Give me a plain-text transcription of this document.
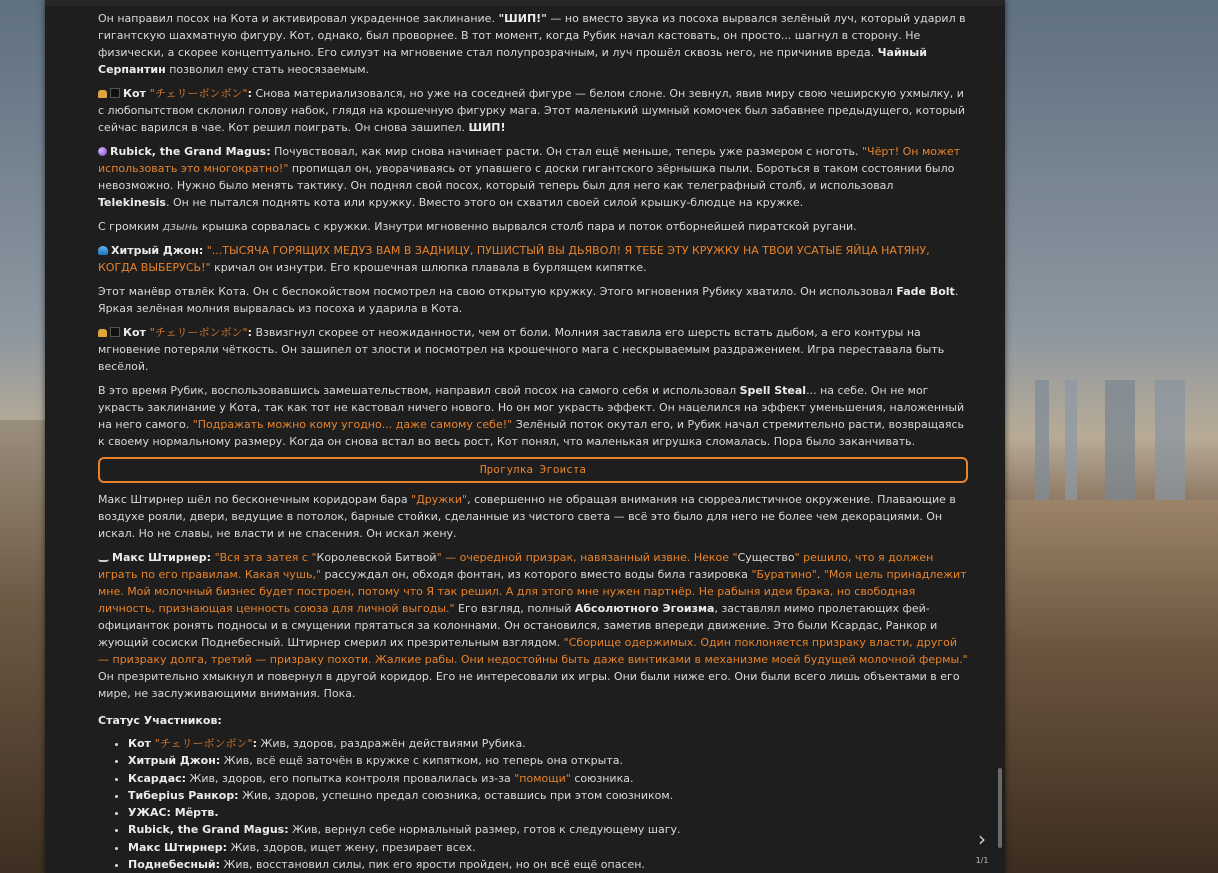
Он направил посох на Кота и активировал украденное заклинание. "ШИП!" — но вместо звука из посоха вырвался зелёный луч, который ударил в гигантскую шахматную фигуру. Кот, однако, был проворнее. В тот момент, когда Рубик начал кастовать, он просто... шагнул в сторону. Не физически, а скорее концептуально. Его силуэт на мгновение стал полупрозрачным, и луч прошёл сквозь него, не причинив вреда. Чайный Серпантин позволил ему стать неосязаемым.

Кот "チェリーボンボン": Снова материализовался, но уже на соседней фигуре — белом слоне. Он зевнул, явив миру свою чеширскую ухмылку, и с любопытством склонил голову набок, глядя на крошечную фигурку мага. Этот маленький шумный комочек был забавнее предыдущего, который сейчас варился в чае. Кот решил поиграть. Он снова зашипел. ШИП!

Rubick, the Grand Magus: Почувствовал, как мир снова начинает расти. Он стал ещё меньше, теперь уже размером с ноготь. "Чёрт! Он может использовать это многократно!" пропищал он, уворачиваясь от упавшего с доски гигантского зёрнышка пыли. Бороться в таком состоянии было невозможно. Нужно было менять тактику. Он поднял свой посох, который теперь был для него как телеграфный столб, и использовал Telekinesis. Он не пытался поднять кота или кружку. Вместо этого он схватил своей силой крышку-блюдце на кружке.

С громким дзынь крышка сорвалась с кружки. Изнутри мгновенно вырвался столб пара и поток отборнейшей пиратской ругани.

Хитрый Джон: "...ТЫСЯЧА ГОРЯЩИХ МЕДУЗ ВАМ В ЗАДНИЦУ, ПУШИСТЫЙ ВЫ ДЬЯВОЛ! Я ТЕБЕ ЭТУ КРУЖКУ НА ТВОИ УСАТЫЕ ЯЙЦА НАТЯНУ, КОГДА ВЫБЕРУСЬ!" кричал он изнутри. Его крошечная шлюпка плавала в бурлящем кипятке.

Этот манёвр отвлёк Кота. Он с беспокойством посмотрел на свою открытую кружку. Этого мгновения Рубику хватило. Он использовал Fade Bolt. Яркая зелёная молния вырвалась из посоха и ударила в Кота.

Кот "チェリーボンボン": Взвизгнул скорее от неожиданности, чем от боли. Молния заставила его шерсть встать дыбом, а его контуры на мгновение потеряли чёткость. Он зашипел от злости и посмотрел на крошечного мага с нескрываемым раздражением. Игра переставала быть весёлой.

В это время Рубик, воспользовавшись замешательством, направил свой посох на самого себя и использовал Spell Steal... на себе. Он не мог украсть заклинание у Кота, так как тот не кастовал ничего нового. Но он мог украсть эффект. Он нацелился на эффект уменьшения, наложенный на него самого. "Подражать можно кому угодно... даже самому себе!" Зелёный поток окутал его, и Рубик начал стремительно расти, возвращаясь к своему нормальному размеру. Когда он снова встал во весь рост, Кот понял, что маленькая игрушка сломалась. Пора было заканчивать.

Прогулка Эгоиста

Макс Штирнер шёл по бесконечным коридорам бара "Дружки", совершенно не обращая внимания на сюрреалистичное окружение. Плавающие в воздухе рояли, двери, ведущие в потолок, барные стойки, сделанные из чистого света — всё это было для него не более чем декорациями. Он искал. Но не славы, не власти и не спасения. Он искал жену.

Макс Штирнер: "Вся эта затея с "Королевской Битвой" — очередной призрак, навязанный извне. Некое "Существо" решило, что я должен играть по его правилам. Какая чушь," рассуждал он, обходя фонтан, из которого вместо воды била газировка "Буратино". "Моя цель принадлежит мне. Мой молочный бизнес будет построен, потому что Я так решил. А для этого мне нужен партнёр. Не рабыня идеи брака, но свободная личность, признающая ценность союза для личной выгоды." Его взгляд, полный Абсолютного Эгоизма, заставлял мимо пролетающих фей-официанток ронять подносы и в смущении прятаться за колоннами. Он остановился, заметив впереди движение. Это были Ксардас, Ранкор и жующий сосиски Поднебесный. Штирнер смерил их презрительным взглядом. "Сборище одержимых. Один поклоняется призраку власти, другой — призраку долга, третий — призраку похоти. Жалкие рабы. Они недостойны быть даже винтиками в механизме моей будущей молочной фермы." Он презрительно хмыкнул и повернул в другой коридор. Его не интересовали их игры. Они были ниже его. Они были всего лишь объектами в его мире, не заслуживающими внимания. Пока.

Статус Участников:
• Кот "チェリーボンボン": Жив, здоров, раздражён действиями Рубика.
• Хитрый Джон: Жив, всё ещё заточён в кружке с кипятком, но теперь она открыта.
• Ксардас: Жив, здоров, его попытка контроля провалилась из-за "помощи" союзника.
• Тиберius Ранкор: Жив, здоров, успешно предал союзника, оставшись при этом союзником.
• УЖАС: Мёртв.
• Rubick, the Grand Magus: Жив, вернул себе нормальный размер, готов к следующему шагу.
• Макс Штирнер: Жив, здоров, ищет жену, презирает всех.
• Поднебесный: Жив, восстановил силы, пик его ярости пройден, но он всё ещё опасен.
›
1/1
